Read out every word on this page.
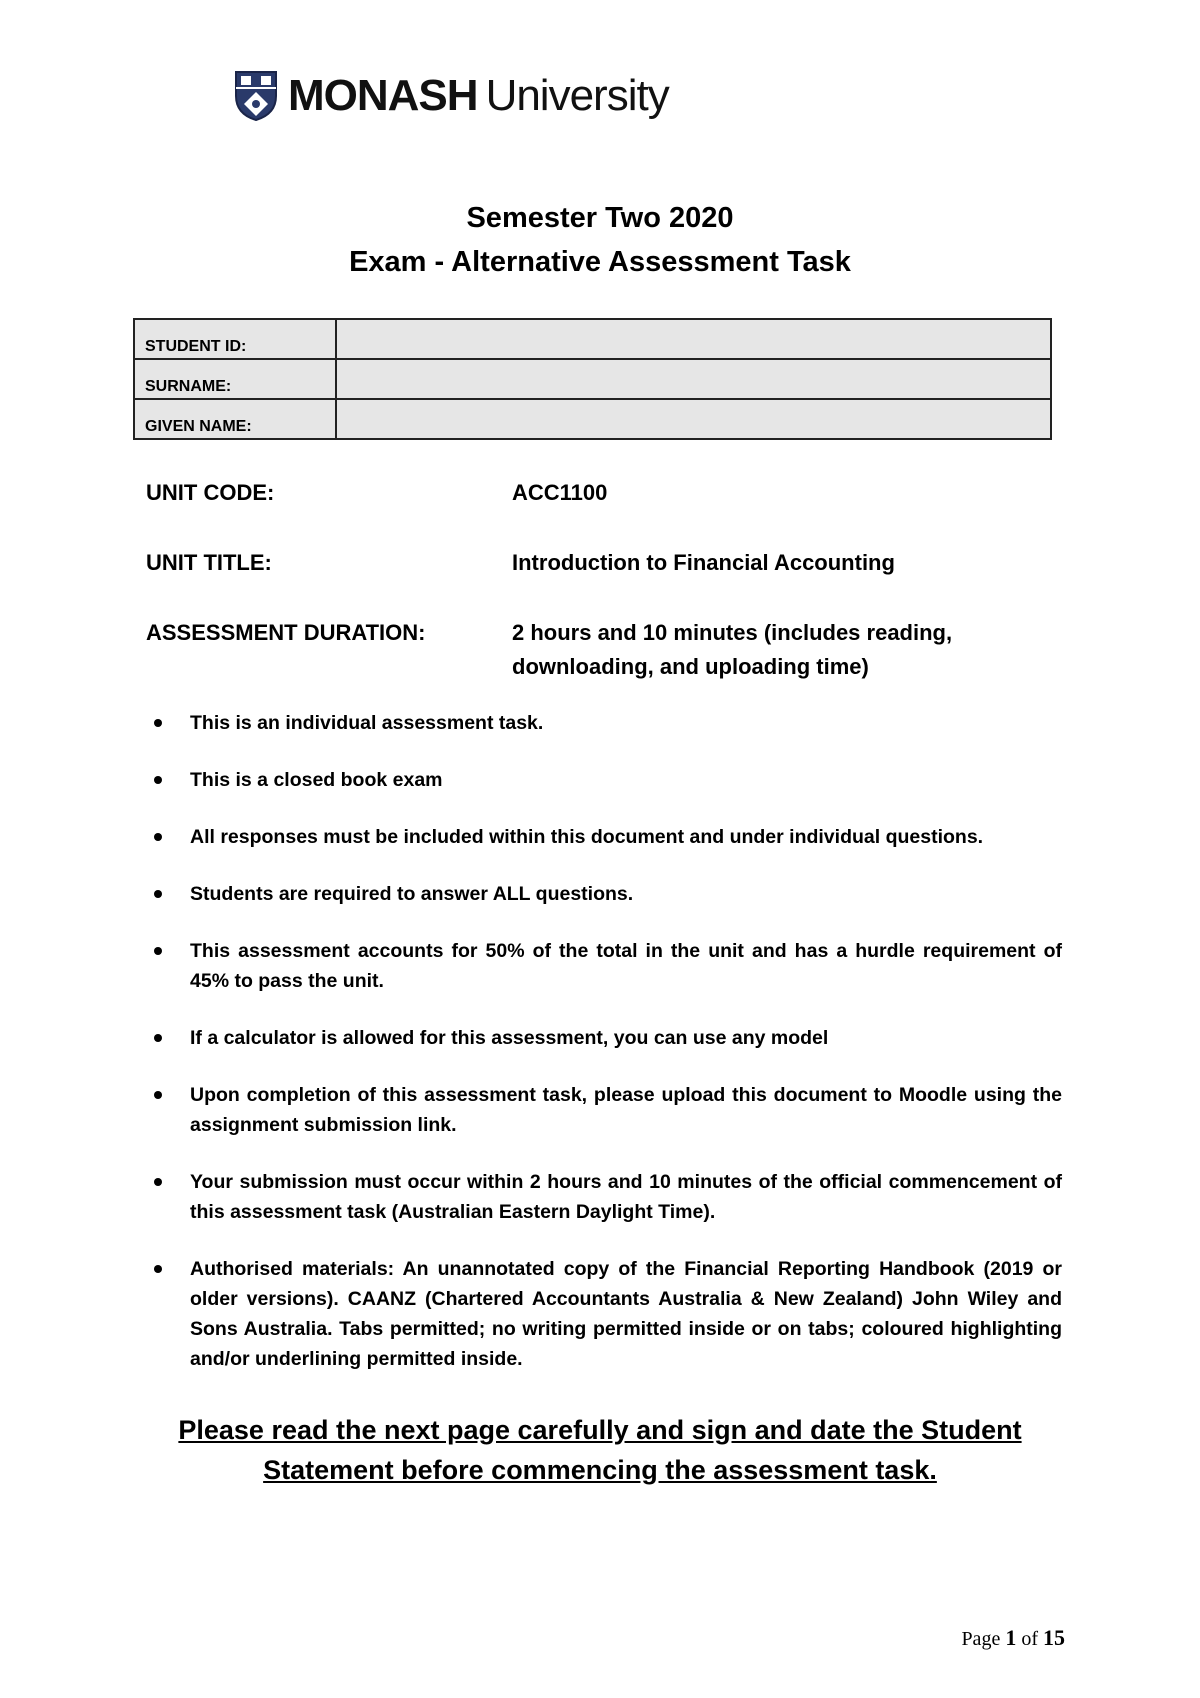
MONASH University
Semester Two 2020
Exam - Alternative Assessment Task
STUDENT ID:	
SURNAME:	
GIVEN NAME:	
UNIT CODE:	ACC1100
UNIT TITLE:	Introduction to Financial Accounting
ASSESSMENT DURATION:	2 hours and 10 minutes (includes reading, downloading, and uploading time)
This is an individual assessment task.
This is a closed book exam
All responses must be included within this document and under individual questions.
Students are required to answer ALL questions.
This assessment accounts for 50% of the total in the unit and has a hurdle requirement of 45% to pass the unit.
If a calculator is allowed for this assessment, you can use any model
Upon completion of this assessment task, please upload this document to Moodle using the assignment submission link.
Your submission must occur within 2 hours and 10 minutes of the official commencement of this assessment task (Australian Eastern Daylight Time).
Authorised materials: An unannotated copy of the Financial Reporting Handbook (2019 or older versions). CAANZ (Chartered Accountants Australia & New Zealand) John Wiley and Sons Australia. Tabs permitted; no writing permitted inside or on tabs; coloured highlighting and/or underlining permitted inside.
Please read the next page carefully and sign and date the Student Statement before commencing the assessment task.
Page 1 of 15
